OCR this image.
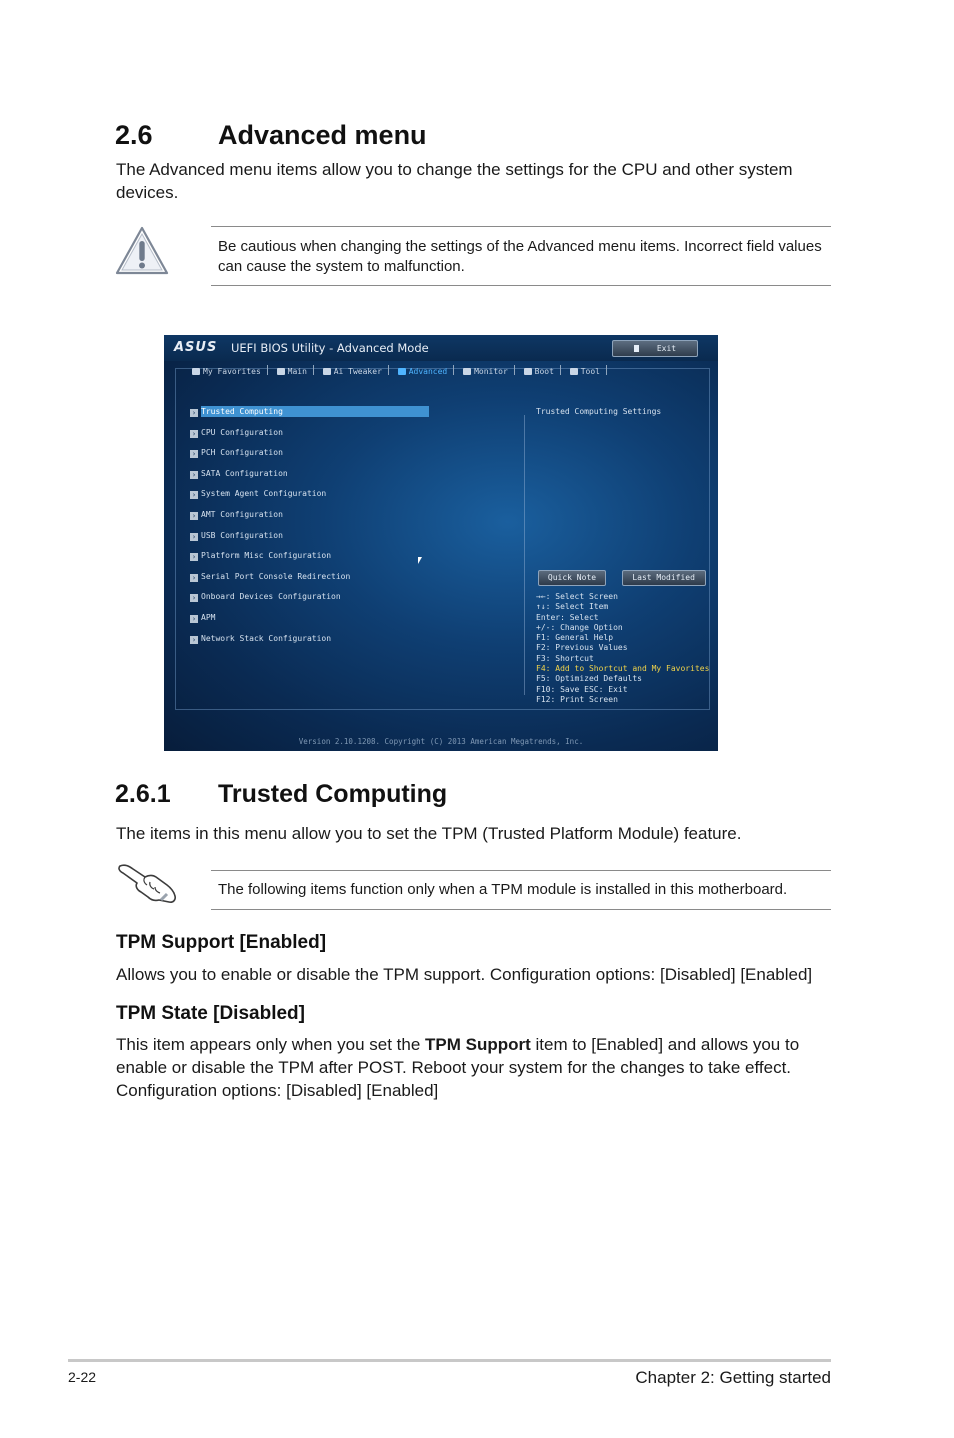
2.6 Advanced menu
The Advanced menu items allow you to change the settings for the CPU and other system devices.
Be cautious when changing the settings of the Advanced menu items. Incorrect field values can cause the system to malfunction.
ASUS UEFI BIOS Utility - Advanced Mode	Exit
My Favorites	Main	Ai Tweaker	Advanced	Monitor	Boot	Tool
› Trusted Computing
› CPU Configuration
› PCH Configuration
› SATA Configuration
› System Agent Configuration
› AMT Configuration
› USB Configuration
› Platform Misc Configuration
› Serial Port Console Redirection
› Onboard Devices Configuration
› APM
› Network Stack Configuration
Trusted Computing Settings
Quick Note	Last Modified
→←: Select Screen
↑↓: Select Item
Enter: Select
+/-: Change Option
F1: General Help
F2: Previous Values
F3: Shortcut
F4: Add to Shortcut and My Favorites
F5: Optimized Defaults
F10: Save ESC: Exit
F12: Print Screen
Version 2.10.1208. Copyright (C) 2013 American Megatrends, Inc.
2.6.1 Trusted Computing
The items in this menu allow you to set the TPM (Trusted Platform Module) feature.
The following items function only when a TPM module is installed in this motherboard.
TPM Support [Enabled]
Allows you to enable or disable the TPM support. Configuration options: [Disabled] [Enabled]
TPM State [Disabled]
This item appears only when you set the TPM Support item to [Enabled] and allows you to enable or disable the TPM after POST. Reboot your system for the changes to take effect. Configuration options: [Disabled] [Enabled]
2-22	Chapter 2: Getting started
